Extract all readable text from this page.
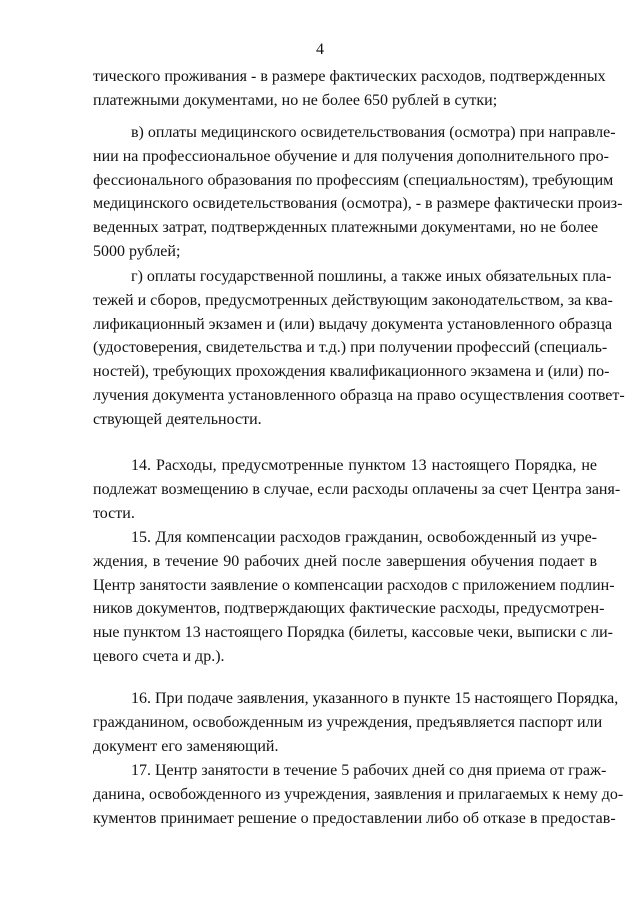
4
тического проживания - в размере фактических расходов, подтвержденных
платежными документами, но не более 650 рублей в сутки;
в) оплаты медицинского освидетельствования (осмотра) при направле-
нии на профессиональное обучение и для получения дополнительного про-
фессионального образования по профессиям (специальностям), требующим
медицинского освидетельствования (осмотра), - в размере фактически произ-
веденных затрат, подтвержденных платежными документами, но не более
5000 рублей;
г) оплаты государственной пошлины, а также иных обязательных пла-
тежей и сборов, предусмотренных действующим законодательством, за ква-
лификационный экзамен и (или) выдачу документа установленного образца
(удостоверения, свидетельства и т.д.) при получении профессий (специаль-
ностей), требующих прохождения квалификационного экзамена и (или) по-
лучения документа установленного образца на право осуществления соответ-
ствующей деятельности.
14. Расходы, предусмотренные пунктом 13 настоящего Порядка, не
подлежат возмещению в случае, если расходы оплачены за счет Центра заня-
тости.
15. Для компенсации расходов гражданин, освобожденный из учре-
ждения, в течение 90 рабочих дней после завершения обучения подает в
Центр занятости заявление о компенсации расходов с приложением подлин-
ников документов, подтверждающих фактические расходы, предусмотрен-
ные пунктом 13 настоящего Порядка (билеты, кассовые чеки, выписки с ли-
цевого счета и др.).
16. При подаче заявления, указанного в пункте 15 настоящего Порядка,
гражданином, освобожденным из учреждения, предъявляется паспорт или
документ его заменяющий.
17. Центр занятости в течение 5 рабочих дней со дня приема от граж-
данина, освобожденного из учреждения, заявления и прилагаемых к нему до-
кументов принимает решение о предоставлении либо об отказе в предостав-
